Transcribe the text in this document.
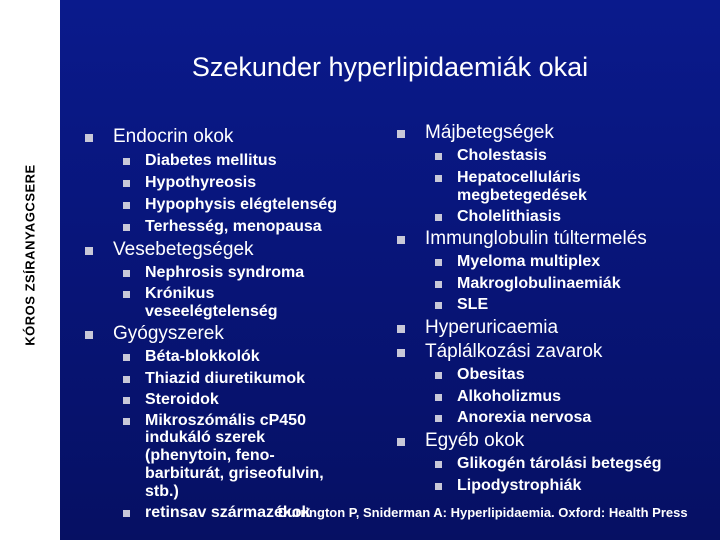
KÓROS ZSÍRANYAGCSERE
Szekunder hyperlipidaemiák okai
Endocrin okok
Diabetes mellitus
Hypothyreosis
Hypophysis elégtelenség
Terhesség, menopausa
Vesebetegségek
Nephrosis syndroma
Krónikus
veseelégtelenség
Gyógyszerek
Béta-blokkolók
Thiazid diuretikumok
Steroidok
Mikroszómális cP450
indukáló szerek
(phenytoin, feno-
barbiturát, griseofulvin,
stb.)
retinsav származékok
Májbetegségek
Cholestasis
Hepatocelluláris
megbetegedések
Cholelithiasis
Immunglobulin túltermelés
Myeloma multiplex
Makroglobulinaemiák
SLE
Hyperuricaemia
Táplálkozási zavarok
Obesitas
Alkoholizmus
Anorexia nervosa
Egyéb okok
Glikogén tárolási betegség
Lipodystrophiák
Durrington P, Sniderman A: Hyperlipidaemia. Oxford: Health Press
